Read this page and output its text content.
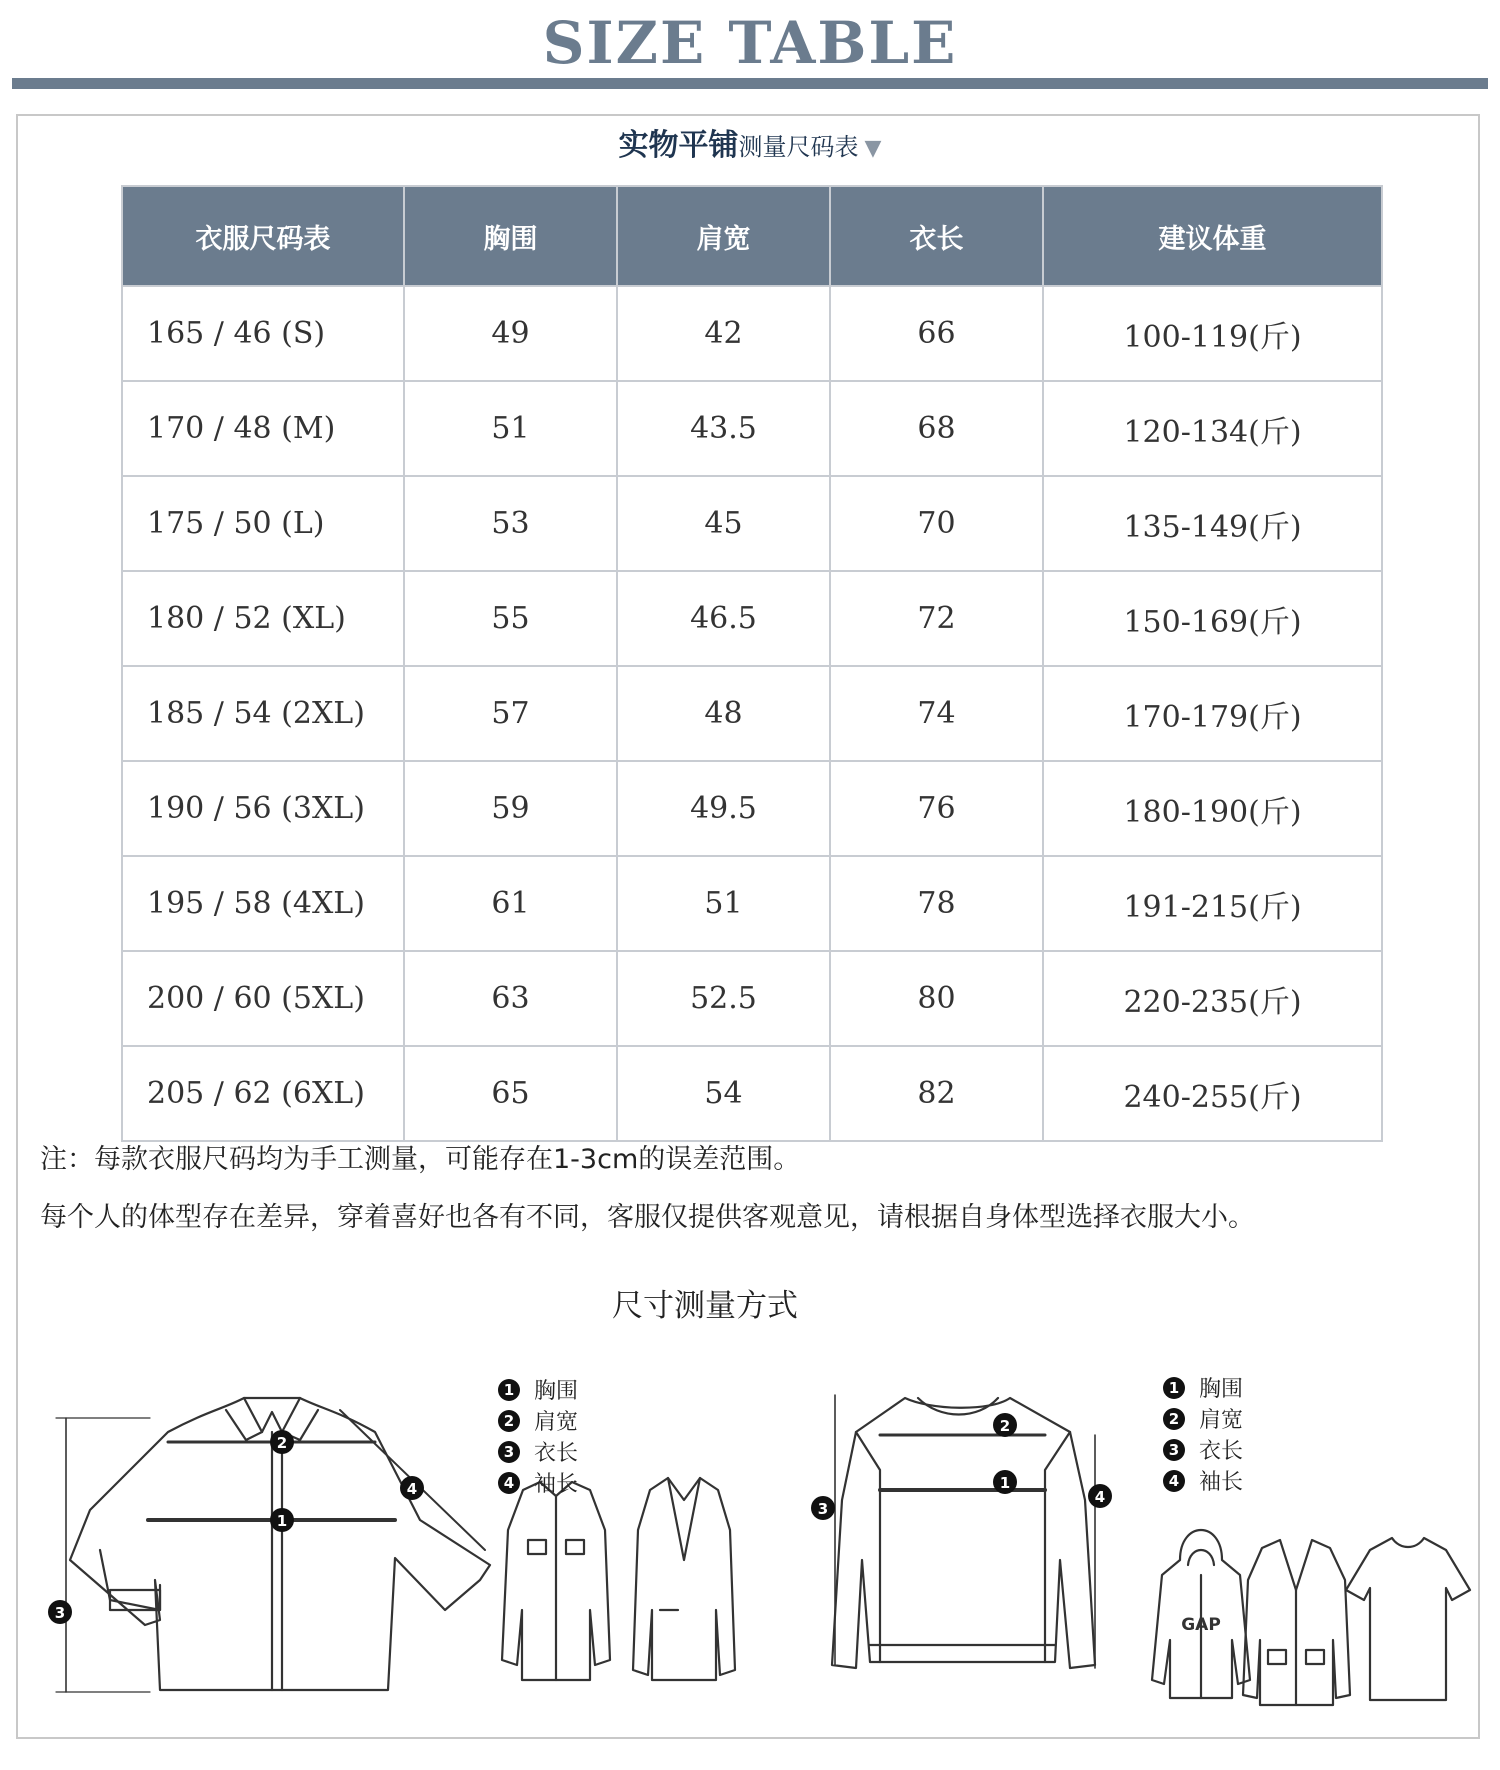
SIZE TABLE
实物平铺测量尺码表 ▼
衣服尺码表	胸围	肩宽	衣长	建议体重
165 / 46 (S)	49	42	66	100-119(斤)
170 / 48 (M)	51	43.5	68	120-134(斤)
175 / 50 (L)	53	45	70	135-149(斤)
180 / 52 (XL)	55	46.5	72	150-169(斤)
185 / 54 (2XL)	57	48	74	170-179(斤)
190 / 56 (3XL)	59	49.5	76	180-190(斤)
195 / 58 (4XL)	61	51	78	191-215(斤)
200 / 60 (5XL)	63	52.5	80	220-235(斤)
205 / 62 (6XL)	65	54	82	240-255(斤)
注：每款衣服尺码均为手工测量，可能存在1-3cm的误差范围。
每个人的体型存在差异，穿着喜好也各有不同，客服仅提供客观意见，请根据自身体型选择衣服大小。
尺寸测量方式
2
1
4
3
2
1
3
4
GAP
1 胸围
2 肩宽
3 衣长
4 袖长
1 胸围
2 肩宽
3 衣长
4 袖长
